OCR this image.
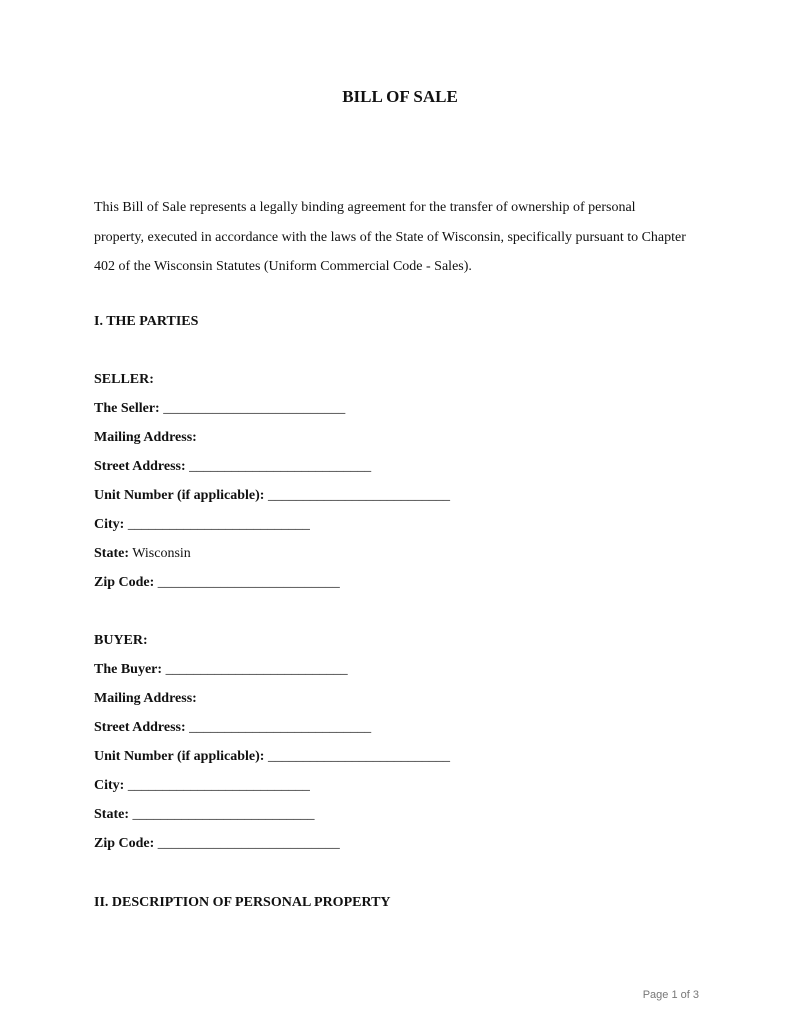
BILL OF SALE

This Bill of Sale represents a legally binding agreement for the transfer of ownership of personal

property, executed in accordance with the laws of the State of Wisconsin, specifically pursuant to Chapter

402 of the Wisconsin Statutes (Uniform Commercial Code - Sales).

I. THE PARTIES
SELLER:
The Seller: __________________________
Mailing Address:
Street Address: __________________________
Unit Number (if applicable): __________________________
City: __________________________
State: Wisconsin
Zip Code: __________________________
BUYER:
The Buyer: __________________________
Mailing Address:
Street Address: __________________________
Unit Number (if applicable): __________________________
City: __________________________
State: __________________________
Zip Code: __________________________
II. DESCRIPTION OF PERSONAL PROPERTY
Page 1 of 3
